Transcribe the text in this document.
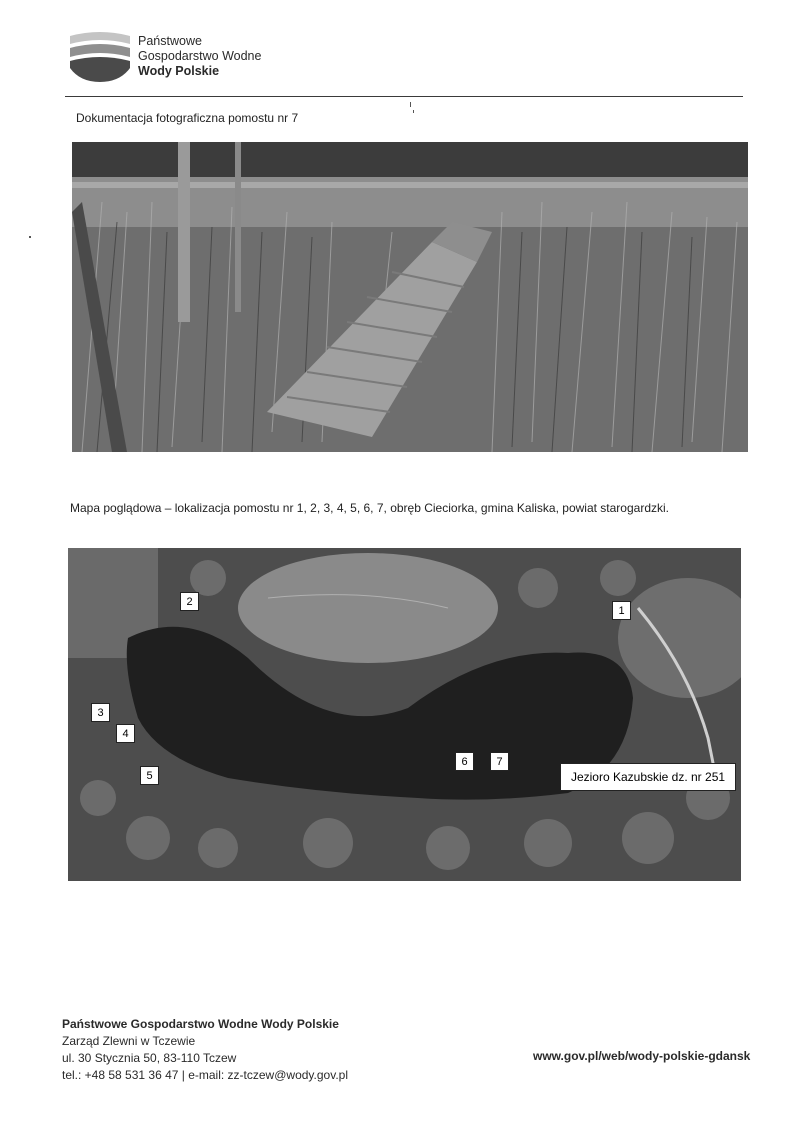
Państwowe
Gospodarstwo Wodne
Wody Polskie
Dokumentacja fotograficzna pomostu nr 7
Mapa poglądowa – lokalizacja pomostu nr 1, 2, 3, 4, 5, 6, 7, obręb Cieciorka, gmina Kaliska, powiat starogardzki.
1
2
3
4
5
6	7
Jezioro Kazubskie dz. nr 251
Państwowe Gospodarstwo Wodne Wody Polskie
Zarząd Zlewni w Tczewie
ul. 30 Stycznia 50, 83-110 Tczew
tel.: +48 58 531 36 47 | e-mail: zz-tczew@wody.gov.pl
www.gov.pl/web/wody-polskie-gdansk
